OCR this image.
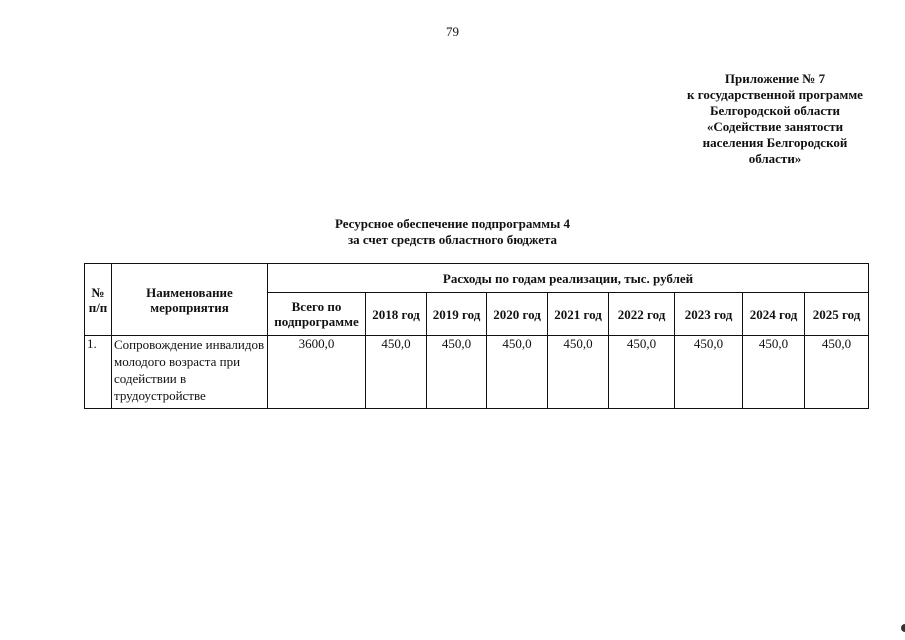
79
Приложение № 7
к государственной программе
Белгородской области
«Содействие занятости
населения Белгородской
области»
Ресурсное обеспечение подпрограммы 4
за счет средств областного бюджета
№ п/п	Наименование мероприятия	Расходы по годам реализации, тыс. рублей								
		Всего по подпрограмме	2018 год	2019 год	2020 год	2021 год	2022 год	2023 год	2024 год	2025 год
1.	Сопровождение инвалидов молодого возраста при содействии в трудоустройстве	3600,0	450,0	450,0	450,0	450,0	450,0	450,0	450,0	450,0
